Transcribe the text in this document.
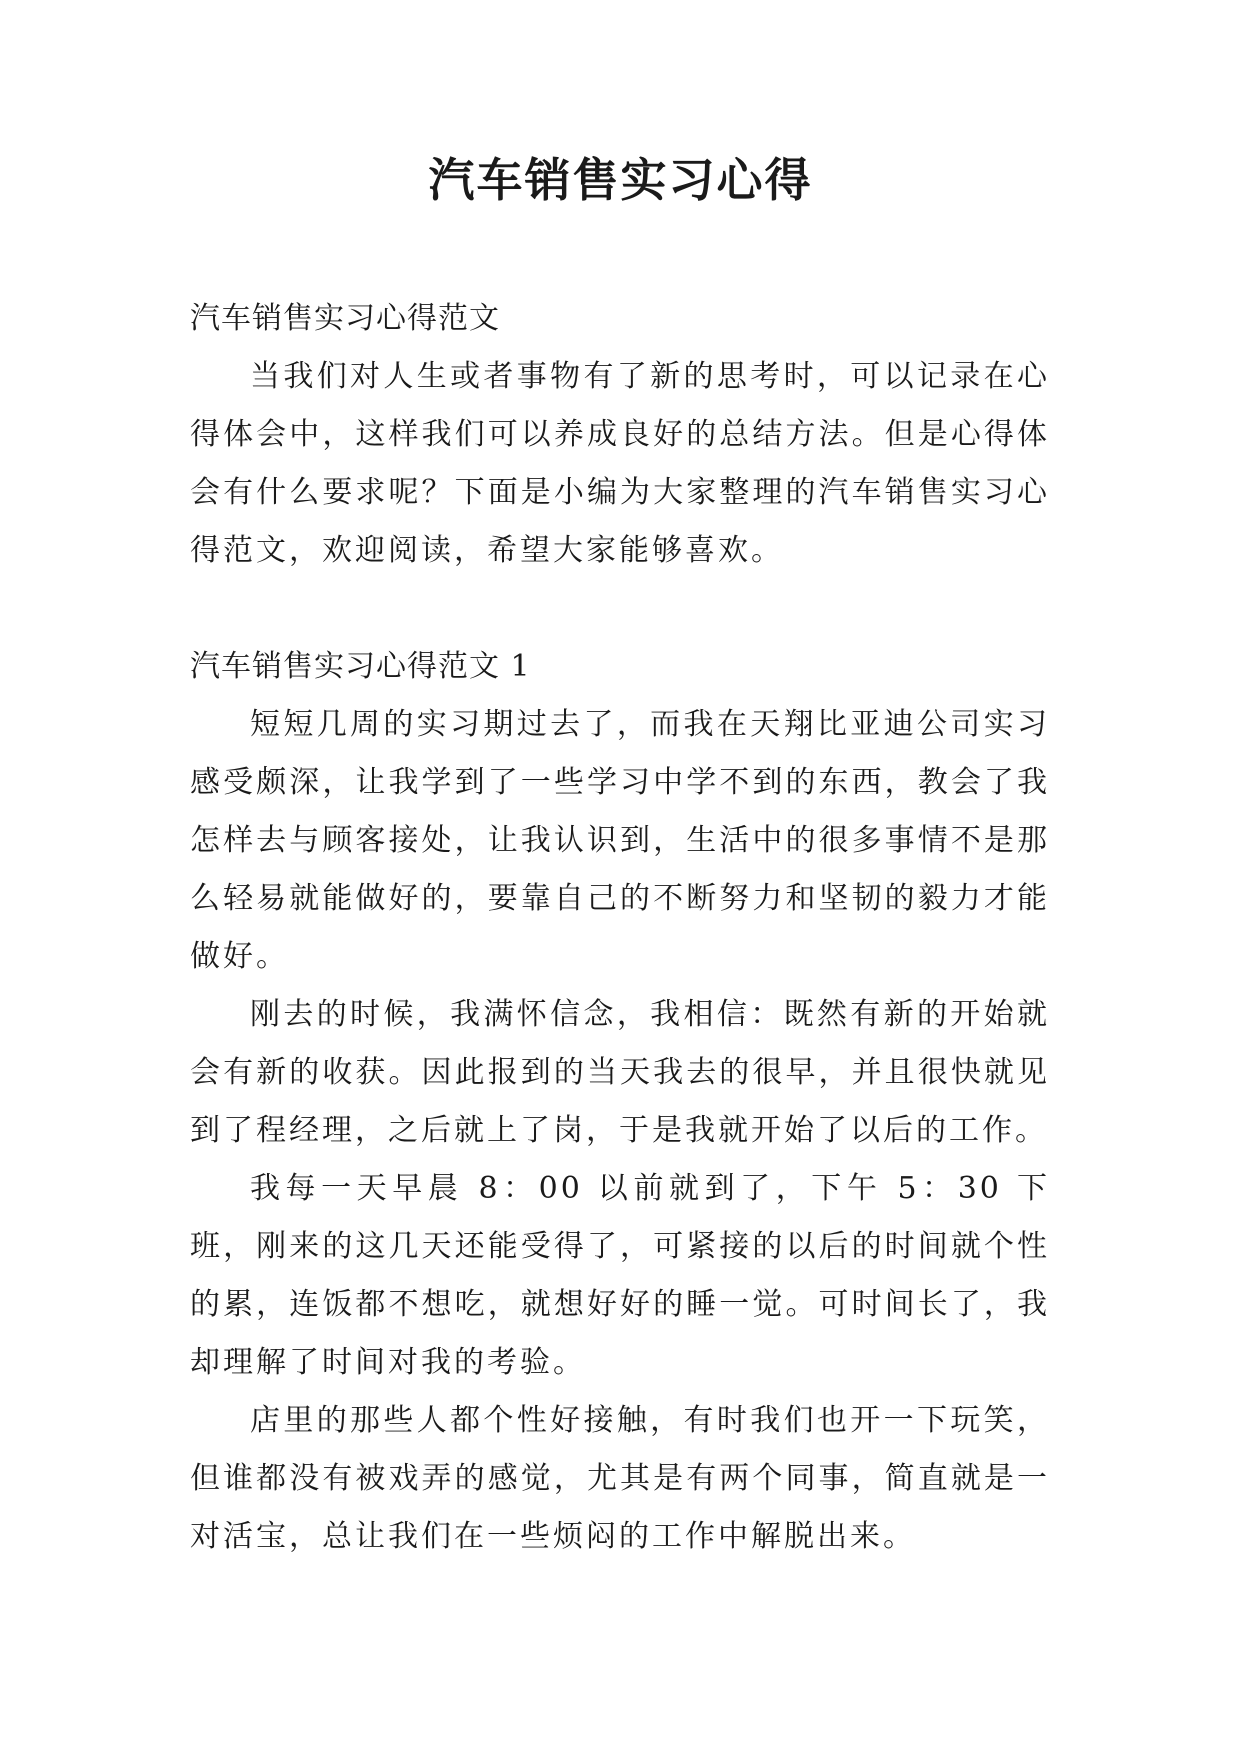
汽车销售实习心得

汽车销售实习心得范文

当我们对人生或者事物有了新的思考时，可以记录在心得体会中，这样我们可以养成良好的总结方法。但是心得体会有什么要求呢？下面是小编为大家整理的汽车销售实习心得范文，欢迎阅读，希望大家能够喜欢。

汽车销售实习心得范文 1

短短几周的实习期过去了，而我在天翔比亚迪公司实习感受颇深，让我学到了一些学习中学不到的东西，教会了我怎样去与顾客接处，让我认识到，生活中的很多事情不是那么轻易就能做好的，要靠自己的不断努力和坚韧的毅力才能做好。

刚去的时候，我满怀信念，我相信：既然有新的开始就会有新的收获。因此报到的当天我去的很早，并且很快就见到了程经理，之后就上了岗，于是我就开始了以后的工作。

我每一天早晨 8：00 以前就到了，下午 5：30 下班，刚来的这几天还能受得了，可紧接的以后的时间就个性的累，连饭都不想吃，就想好好的睡一觉。可时间长了，我却理解了时间对我的考验。

店里的那些人都个性好接触，有时我们也开一下玩笑，但谁都没有被戏弄的感觉，尤其是有两个同事，简直就是一对活宝，总让我们在一些烦闷的工作中解脱出来。
